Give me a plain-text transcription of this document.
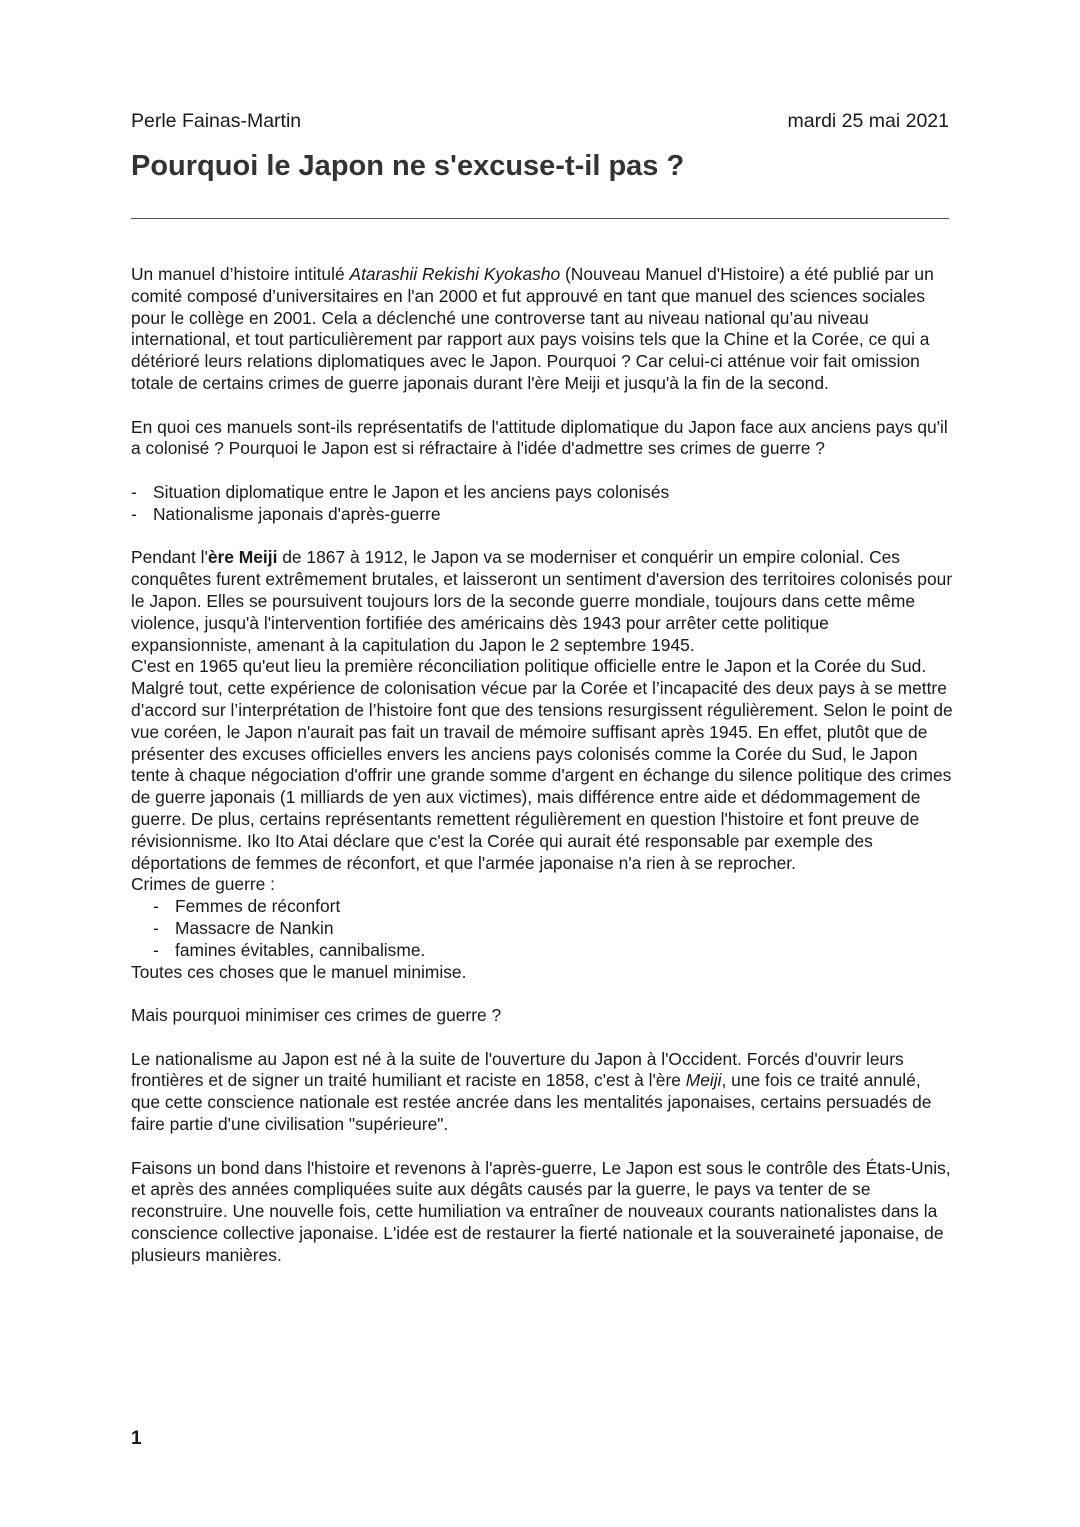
Perle Fainas-Martin	mardi 25 mai 2021
Pourquoi le Japon ne s'excuse-t-il pas ?

Un manuel d’histoire intitulé Atarashii Rekishi Kyokasho (Nouveau Manuel d'Histoire) a été publié par un comité composé d’universitaires en l'an 2000 et fut approuvé en tant que manuel des sciences sociales pour le collège en 2001. Cela a déclenché une controverse tant au niveau national qu’au niveau international, et tout particulièrement par rapport aux pays voisins tels que la Chine et la Corée, ce qui a détérioré leurs relations diplomatiques avec le Japon. Pourquoi ? Car celui-ci atténue voir fait omission totale de certains crimes de guerre japonais durant l'ère Meiji et jusqu'à la fin de la second.

En quoi ces manuels sont-ils représentatifs de l'attitude diplomatique du Japon face aux anciens pays qu'il a colonisé ? Pourquoi le Japon est si réfractaire à l'idée d'admettre ses crimes de guerre ?

- Situation diplomatique entre le Japon et les anciens pays colonisés
- Nationalisme japonais d'après-guerre

Pendant l'ère Meiji de 1867 à 1912, le Japon va se moderniser et conquérir un empire colonial. Ces conquêtes furent extrêmement brutales, et laisseront un sentiment d'aversion des territoires colonisés pour le Japon. Elles se poursuivent toujours lors de la seconde guerre mondiale, toujours dans cette même violence, jusqu'à l'intervention fortifiée des américains dès 1943 pour arrêter cette politique expansionniste, amenant à la capitulation du Japon le 2 septembre 1945.

C'est en 1965 qu'eut lieu la première réconciliation politique officielle entre le Japon et la Corée du Sud. Malgré tout, cette expérience de colonisation vécue par la Corée et l’incapacité des deux pays à se mettre d’accord sur l’interprétation de l’histoire font que des tensions resurgissent régulièrement. Selon le point de vue coréen, le Japon n'aurait pas fait un travail de mémoire suffisant après 1945. En effet, plutôt que de présenter des excuses officielles envers les anciens pays colonisés comme la Corée du Sud, le Japon tente à chaque négociation d'offrir une grande somme d'argent en échange du silence politique des crimes de guerre japonais (1 milliards de yen aux victimes), mais différence entre aide et dédommagement de guerre. De plus, certains représentants remettent régulièrement en question l'histoire et font preuve de révisionnisme. Iko Ito Atai déclare que c'est la Corée qui aurait été responsable par exemple des déportations de femmes de réconfort, et que l'armée japonaise n'a rien à se reprocher.

Crimes de guerre :

- Femmes de réconfort
- Massacre de Nankin
- famines évitables, cannibalisme.

Toutes ces choses que le manuel minimise.

Mais pourquoi minimiser ces crimes de guerre ?

Le nationalisme au Japon est né à la suite de l'ouverture du Japon à l'Occident. Forcés d'ouvrir leurs frontières et de signer un traité humiliant et raciste en 1858, c'est à l'ère Meiji, une fois ce traité annulé, que cette conscience nationale est restée ancrée dans les mentalités japonaises, certains persuadés de faire partie d'une civilisation "supérieure".

Faisons un bond dans l'histoire et revenons à l'après-guerre, Le Japon est sous le contrôle des États-Unis, et après des années compliquées suite aux dégâts causés par la guerre, le pays va tenter de se reconstruire. Une nouvelle fois, cette humiliation va entraîner de nouveaux courants nationalistes dans la conscience collective japonaise. L'idée est de restaurer la fierté nationale et la souveraineté japonaise, de plusieurs manières.

1
